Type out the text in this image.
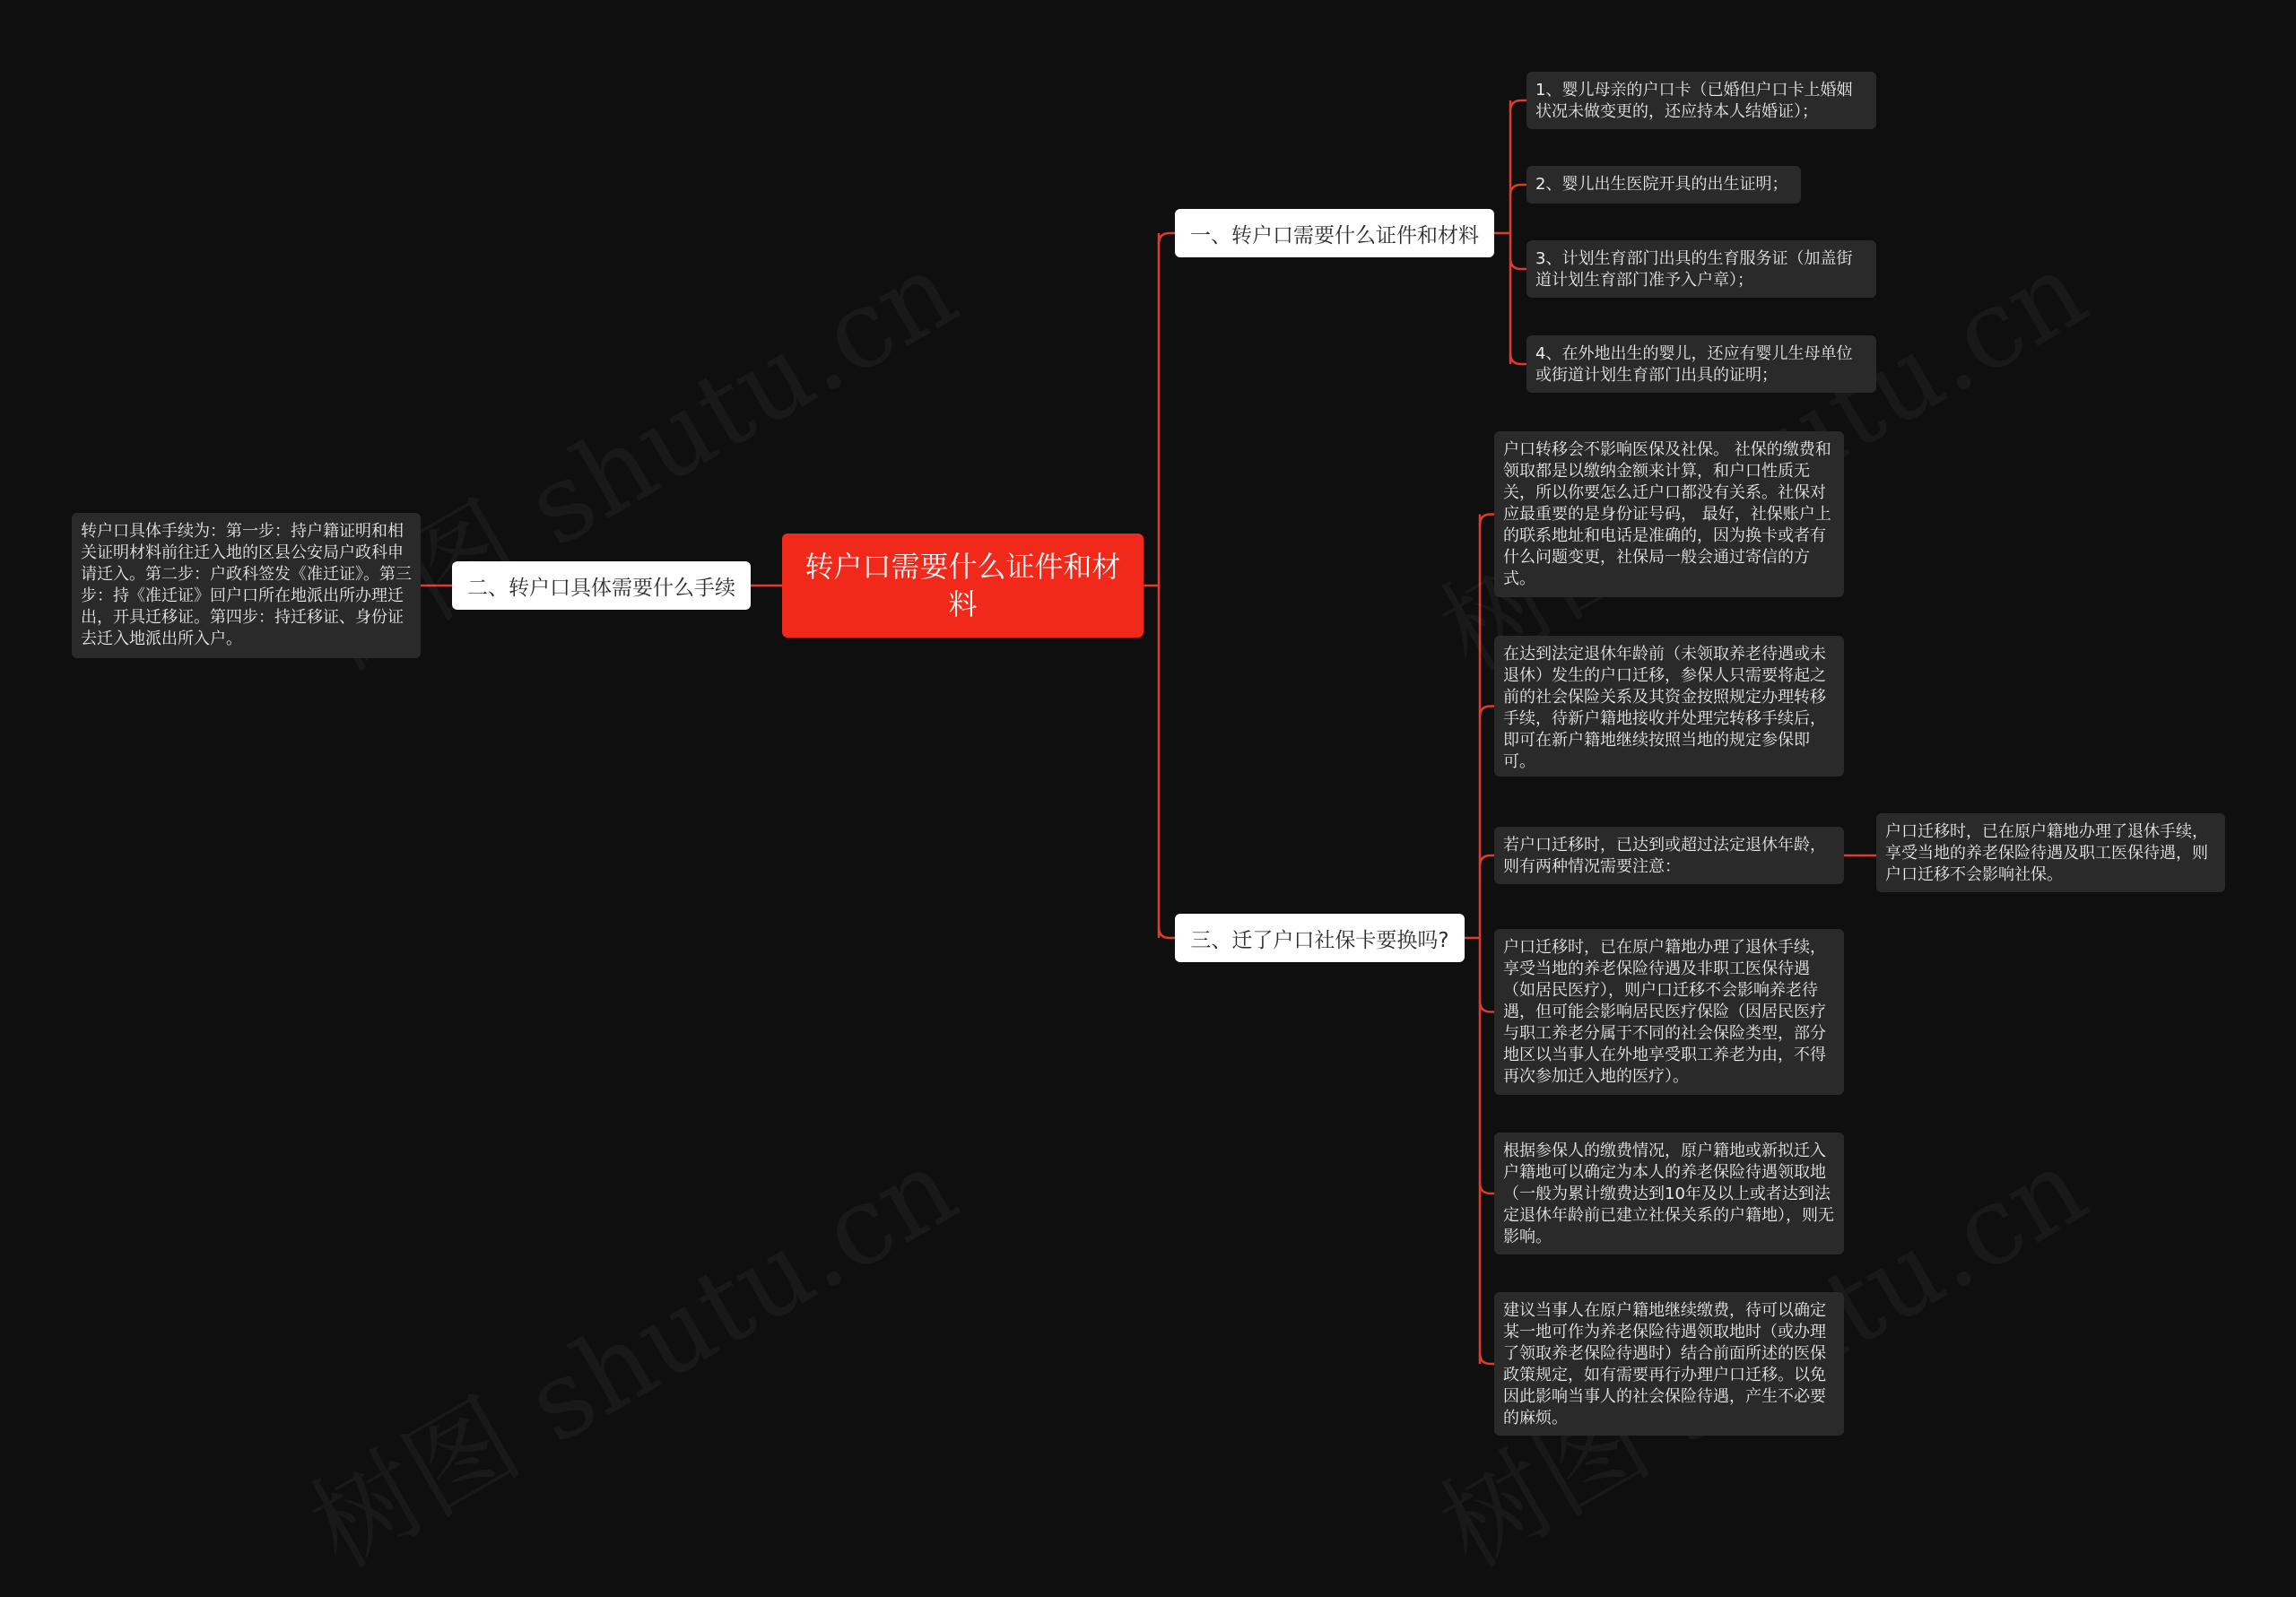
转户口需要什么证件和材料
一、转户口需要什么证件和材料
1、婴儿母亲的户口卡（已婚但户口卡上婚姻状况未做变更的，还应持本人结婚证）；
2、婴儿出生医院开具的出生证明；
3、计划生育部门出具的生育服务证（加盖街道计划生育部门准予入户章）；
4、在外地出生的婴儿，还应有婴儿生母单位或街道计划生育部门出具的证明；
二、转户口具体需要什么手续
转户口具体手续为：第一步：持户籍证明和相关证明材料前往迁入地的区县公安局户政科申请迁入。第二步：户政科签发《准迁证》。第三步：持《准迁证》回户口所在地派出所办理迁出，开具迁移证。第四步：持迁移证、身份证去迁入地派出所入户。
三、迁了户口社保卡要换吗?
户口转移会不影响医保及社保。 社保的缴费和领取都是以缴纳金额来计算，和户口性质无关，所以你要怎么迁户口都没有关系。社保对应最重要的是身份证号码， 最好，社保账户上的联系地址和电话是准确的，因为换卡或者有什么问题变更，社保局一般会通过寄信的方式。
在达到法定退休年龄前（未领取养老待遇或未退休）发生的户口迁移，参保人只需要将起之前的社会保险关系及其资金按照规定办理转移手续，待新户籍地接收并处理完转移手续后，即可在新户籍地继续按照当地的规定参保即可。
若户口迁移时，已达到或超过法定退休年龄，则有两种情况需要注意：
户口迁移时，已在原户籍地办理了退休手续，享受当地的养老保险待遇及职工医保待遇，则户口迁移不会影响社保。
户口迁移时，已在原户籍地办理了退休手续，享受当地的养老保险待遇及非职工医保待遇（如居民医疗），则户口迁移不会影响养老待遇，但可能会影响居民医疗保险（因居民医疗与职工养老分属于不同的社会保险类型，部分地区以当事人在外地享受职工养老为由，不得再次参加迁入地的医疗）。
根据参保人的缴费情况，原户籍地或新拟迁入户籍地可以确定为本人的养老保险待遇领取地（一般为累计缴费达到10年及以上或者达到法定退休年龄前已建立社保关系的户籍地），则无影响。
建议当事人在原户籍地继续缴费，待可以确定某一地可作为养老保险待遇领取地时（或办理了领取养老保险待遇时）结合前面所述的医保政策规定，如有需要再行办理户口迁移。以免因此影响当事人的社会保险待遇，产生不必要的麻烦。
